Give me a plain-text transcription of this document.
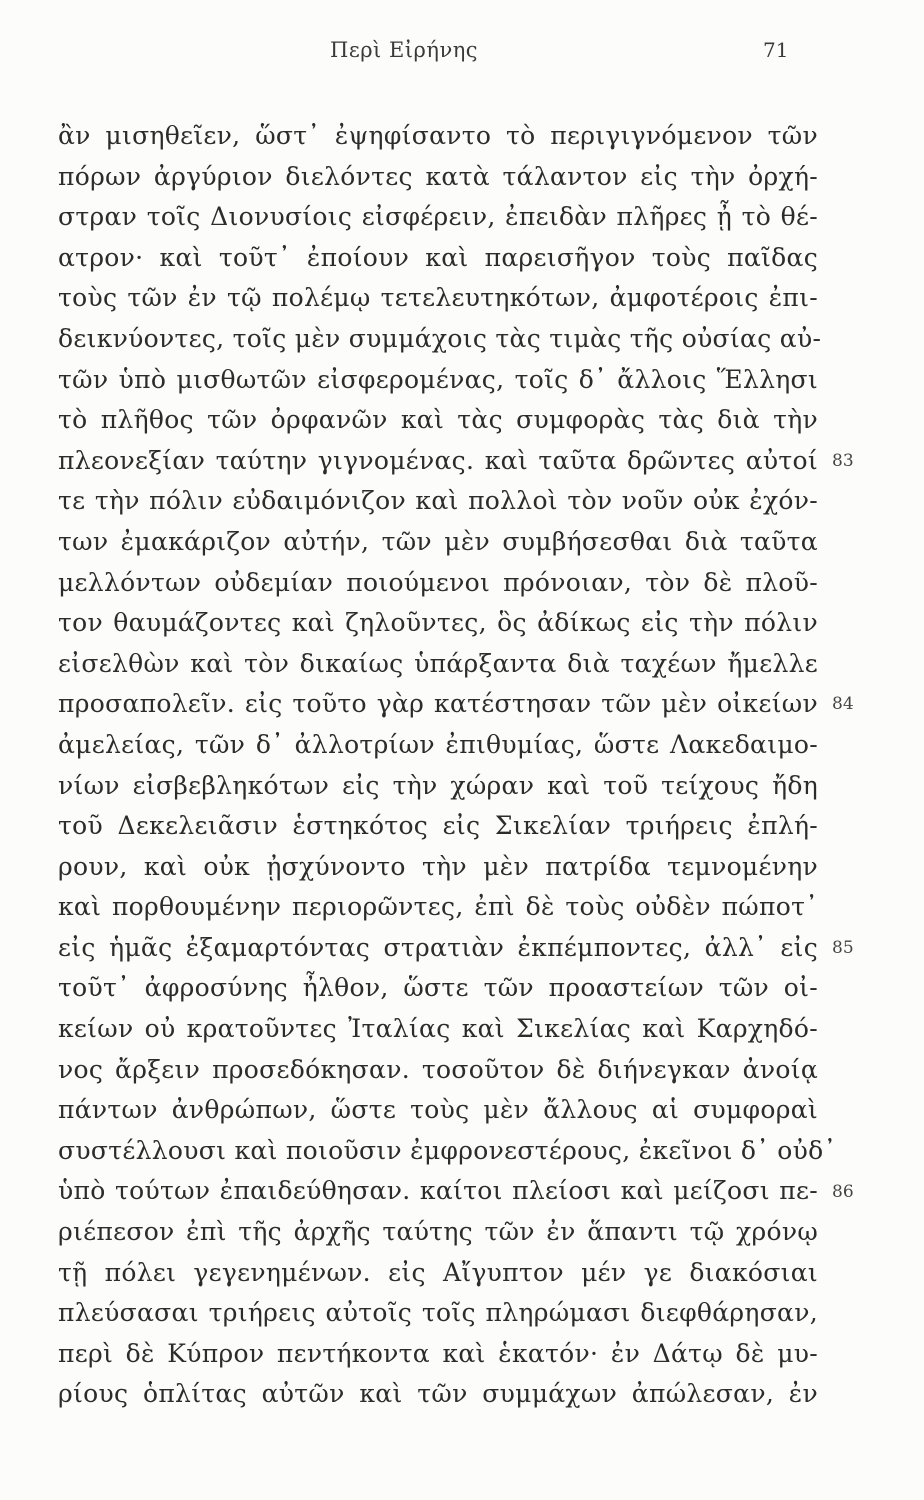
Περὶ Εἰρήνης	71
ἂν μισηθεῖεν, ὥστ᾽ ἐψηφίσαντο τὸ περιγιγνόμενον τῶν
πόρων ἀργύριον διελόντες κατὰ τάλαντον εἰς τὴν ὀρχή-
στραν τοῖς Διονυσίοις εἰσφέρειν, ἐπειδὰν πλῆρες ᾖ τὸ θέ-
ατρον· καὶ τοῦτ᾽ ἐποίουν καὶ παρεισῆγον τοὺς παῖδας
τοὺς τῶν ἐν τῷ πολέμῳ τετελευτηκότων, ἀμφοτέροις ἐπι-
δεικνύοντες, τοῖς μὲν συμμάχοις τὰς τιμὰς τῆς οὐσίας αὐ-
τῶν ὑπὸ μισθωτῶν εἰσφερομένας, τοῖς δ᾽ ἄλλοις Ἕλλησι
τὸ πλῆθος τῶν ὀρφανῶν καὶ τὰς συμφορὰς τὰς διὰ τὴν
πλεονεξίαν ταύτην γιγνομένας. καὶ ταῦτα δρῶντες αὐτοί
τε τὴν πόλιν εὐδαιμόνιζον καὶ πολλοὶ τὸν νοῦν οὐκ ἐχόν-
των ἐμακάριζον αὐτήν, τῶν μὲν συμβήσεσθαι διὰ ταῦτα
μελλόντων οὐδεμίαν ποιούμενοι πρόνοιαν, τὸν δὲ πλοῦ-
τον θαυμάζοντες καὶ ζηλοῦντες, ὃς ἀδίκως εἰς τὴν πόλιν
εἰσελθὼν καὶ τὸν δικαίως ὑπάρξαντα διὰ ταχέων ἤμελλε
προσαπολεῖν. εἰς τοῦτο γὰρ κατέστησαν τῶν μὲν οἰκείων
ἀμελείας, τῶν δ᾽ ἀλλοτρίων ἐπιθυμίας, ὥστε Λακεδαιμο-
νίων εἰσβεβληκότων εἰς τὴν χώραν καὶ τοῦ τείχους ἤδη
τοῦ Δεκελειᾶσιν ἑστηκότος εἰς Σικελίαν τριήρεις ἐπλή-
ρουν, καὶ οὐκ ᾐσχύνοντο τὴν μὲν πατρίδα τεμνομένην
καὶ πορθουμένην περιορῶντες, ἐπὶ δὲ τοὺς οὐδὲν πώποτ᾽
εἰς ἡμᾶς ἐξαμαρτόντας στρατιὰν ἐκπέμποντες, ἀλλ᾽ εἰς
τοῦτ᾽ ἀφροσύνης ἦλθον, ὥστε τῶν προαστείων τῶν οἰ-
κείων οὐ κρατοῦντες Ἰταλίας καὶ Σικελίας καὶ Καρχηδό-
νος ἄρξειν προσεδόκησαν. τοσοῦτον δὲ διήνεγκαν ἀνοίᾳ
πάντων ἀνθρώπων, ὥστε τοὺς μὲν ἄλλους αἱ συμφοραὶ
συστέλλουσι καὶ ποιοῦσιν ἐμφρονεστέρους, ἐκεῖνοι δ᾽ οὐδ᾽
ὑπὸ τούτων ἐπαιδεύθησαν. καίτοι πλείοσι καὶ μείζοσι πε-
ριέπεσον ἐπὶ τῆς ἀρχῆς ταύτης τῶν ἐν ἅπαντι τῷ χρόνῳ
τῇ πόλει γεγενημένων. εἰς Αἴγυπτον μέν γε διακόσιαι
πλεύσασαι τριήρεις αὐτοῖς τοῖς πληρώμασι διεφθάρησαν,
περὶ δὲ Κύπρον πεντήκοντα καὶ ἑκατόν· ἐν Δάτῳ δὲ μυ-
ρίους ὁπλίτας αὐτῶν καὶ τῶν συμμάχων ἀπώλεσαν, ἐν
83
84
85
86
